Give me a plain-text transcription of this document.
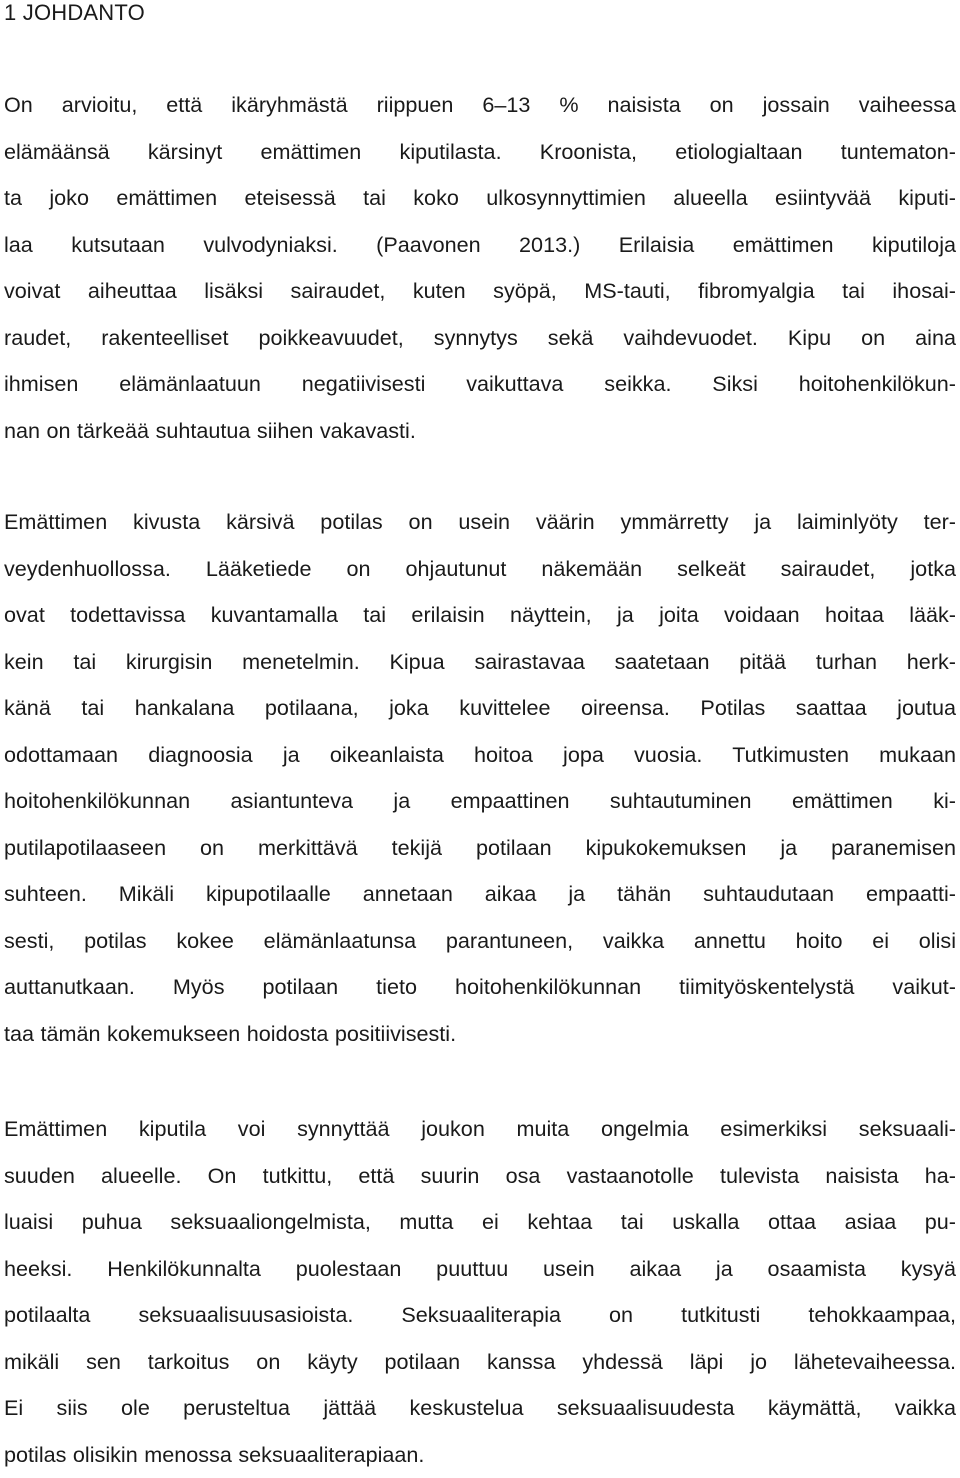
1 JOHDANTO
On arvioitu, että ikäryhmästä riippuen 6–13 % naisista on jossain vaiheessa
elämäänsä kärsinyt emättimen kiputilasta. Kroonista, etiologialtaan tuntematon-
ta joko emättimen eteisessä tai koko ulkosynnyttimien alueella esiintyvää kiputi-
laa kutsutaan vulvodyniaksi. (Paavonen 2013.) Erilaisia emättimen kiputiloja
voivat aiheuttaa lisäksi sairaudet, kuten syöpä, MS-tauti, fibromyalgia tai ihosai-
raudet, rakenteelliset poikkeavuudet, synnytys sekä vaihdevuodet. Kipu on aina
ihmisen elämänlaatuun negatiivisesti vaikuttava seikka. Siksi hoitohenkilökun-
nan on tärkeää suhtautua siihen vakavasti.
Emättimen kivusta kärsivä potilas on usein väärin ymmärretty ja laiminlyöty ter-
veydenhuollossa. Lääketiede on ohjautunut näkemään selkeät sairaudet, jotka
ovat todettavissa kuvantamalla tai erilaisin näyttein, ja joita voidaan hoitaa lääk-
kein tai kirurgisin menetelmin. Kipua sairastavaa saatetaan pitää turhan herk-
känä tai hankalana potilaana, joka kuvittelee oireensa. Potilas saattaa joutua
odottamaan diagnoosia ja oikeanlaista hoitoa jopa vuosia. Tutkimusten mukaan
hoitohenkilökunnan asiantunteva ja empaattinen suhtautuminen emättimen ki-
putilapotilaaseen on merkittävä tekijä potilaan kipukokemuksen ja paranemisen
suhteen. Mikäli kipupotilaalle annetaan aikaa ja tähän suhtaudutaan empaatti-
sesti, potilas kokee elämänlaatunsa parantuneen, vaikka annettu hoito ei olisi
auttanutkaan. Myös potilaan tieto hoitohenkilökunnan tiimityöskentelystä vaikut-
taa tämän kokemukseen hoidosta positiivisesti.
Emättimen kiputila voi synnyttää joukon muita ongelmia esimerkiksi seksuaali-
suuden alueelle. On tutkittu, että suurin osa vastaanotolle tulevista naisista ha-
luaisi puhua seksuaaliongelmista, mutta ei kehtaa tai uskalla ottaa asiaa pu-
heeksi. Henkilökunnalta puolestaan puuttuu usein aikaa ja osaamista kysyä
potilaalta seksuaalisuusasioista. Seksuaaliterapia on tutkitusti tehokkaampaa,
mikäli sen tarkoitus on käyty potilaan kanssa yhdessä läpi jo lähetevaiheessa.
Ei siis ole perusteltua jättää keskustelua seksuaalisuudesta käymättä, vaikka
potilas olisikin menossa seksuaaliterapiaan.
